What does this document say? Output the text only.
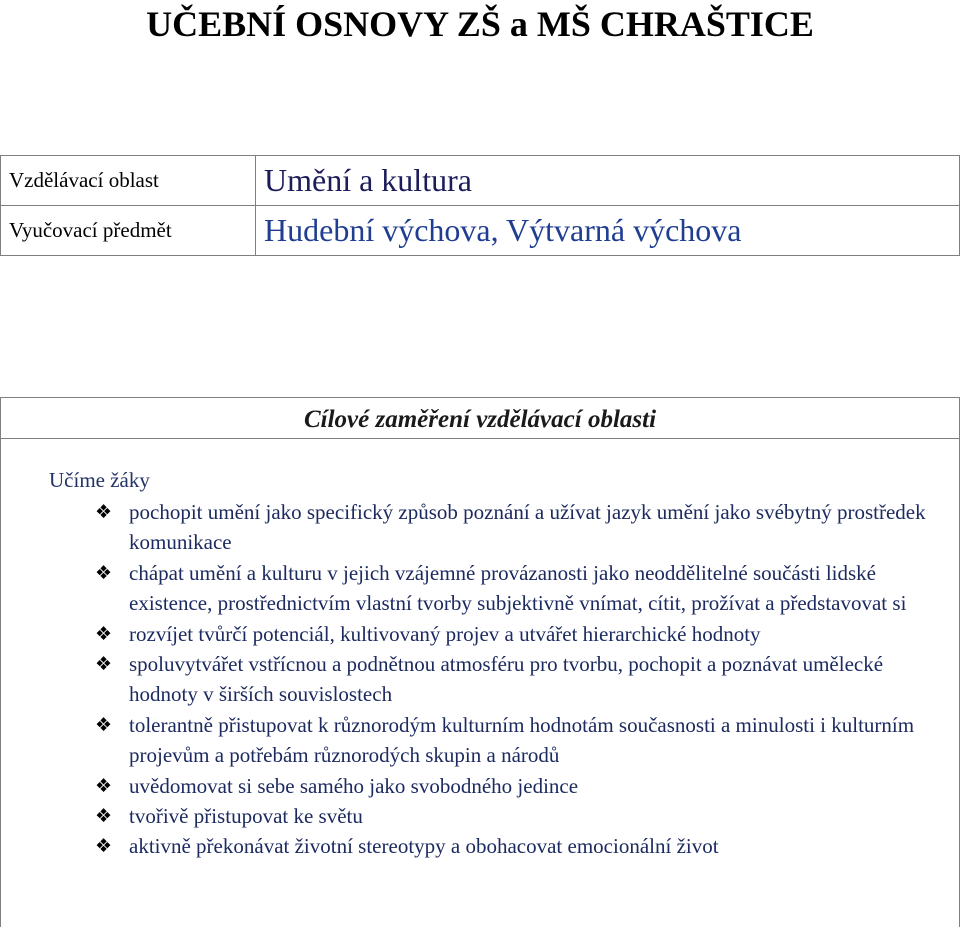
UČEBNÍ OSNOVY ZŠ a MŠ CHRAŠTICE
Vzdělávací oblast	Umění a kultura
Vyučovací předmět	Hudební výchova, Výtvarná výchova
Cílové zaměření vzdělávací oblasti
Učíme žáky
❖ pochopit umění jako specifický způsob poznání a užívat jazyk umění jako svébytný prostředek komunikace
❖ chápat umění a kulturu v jejich vzájemné provázanosti jako neoddělitelné součásti lidské existence, prostřednictvím vlastní tvorby subjektivně vnímat, cítit, prožívat a představovat si
❖ rozvíjet tvůrčí potenciál, kultivovaný projev a utvářet hierarchické hodnoty
❖ spoluvytvářet vstřícnou a podnětnou atmosféru pro tvorbu, pochopit a poznávat umělecké hodnoty v širších souvislostech
❖ tolerantně přistupovat k různorodým kulturním hodnotám současnosti a minulosti i kulturním projevům a potřebám různorodých skupin a národů
❖ uvědomovat si sebe samého jako svobodného jedince
❖ tvořivě přistupovat ke světu
❖ aktivně překonávat životní stereotypy a obohacovat emocionální život
